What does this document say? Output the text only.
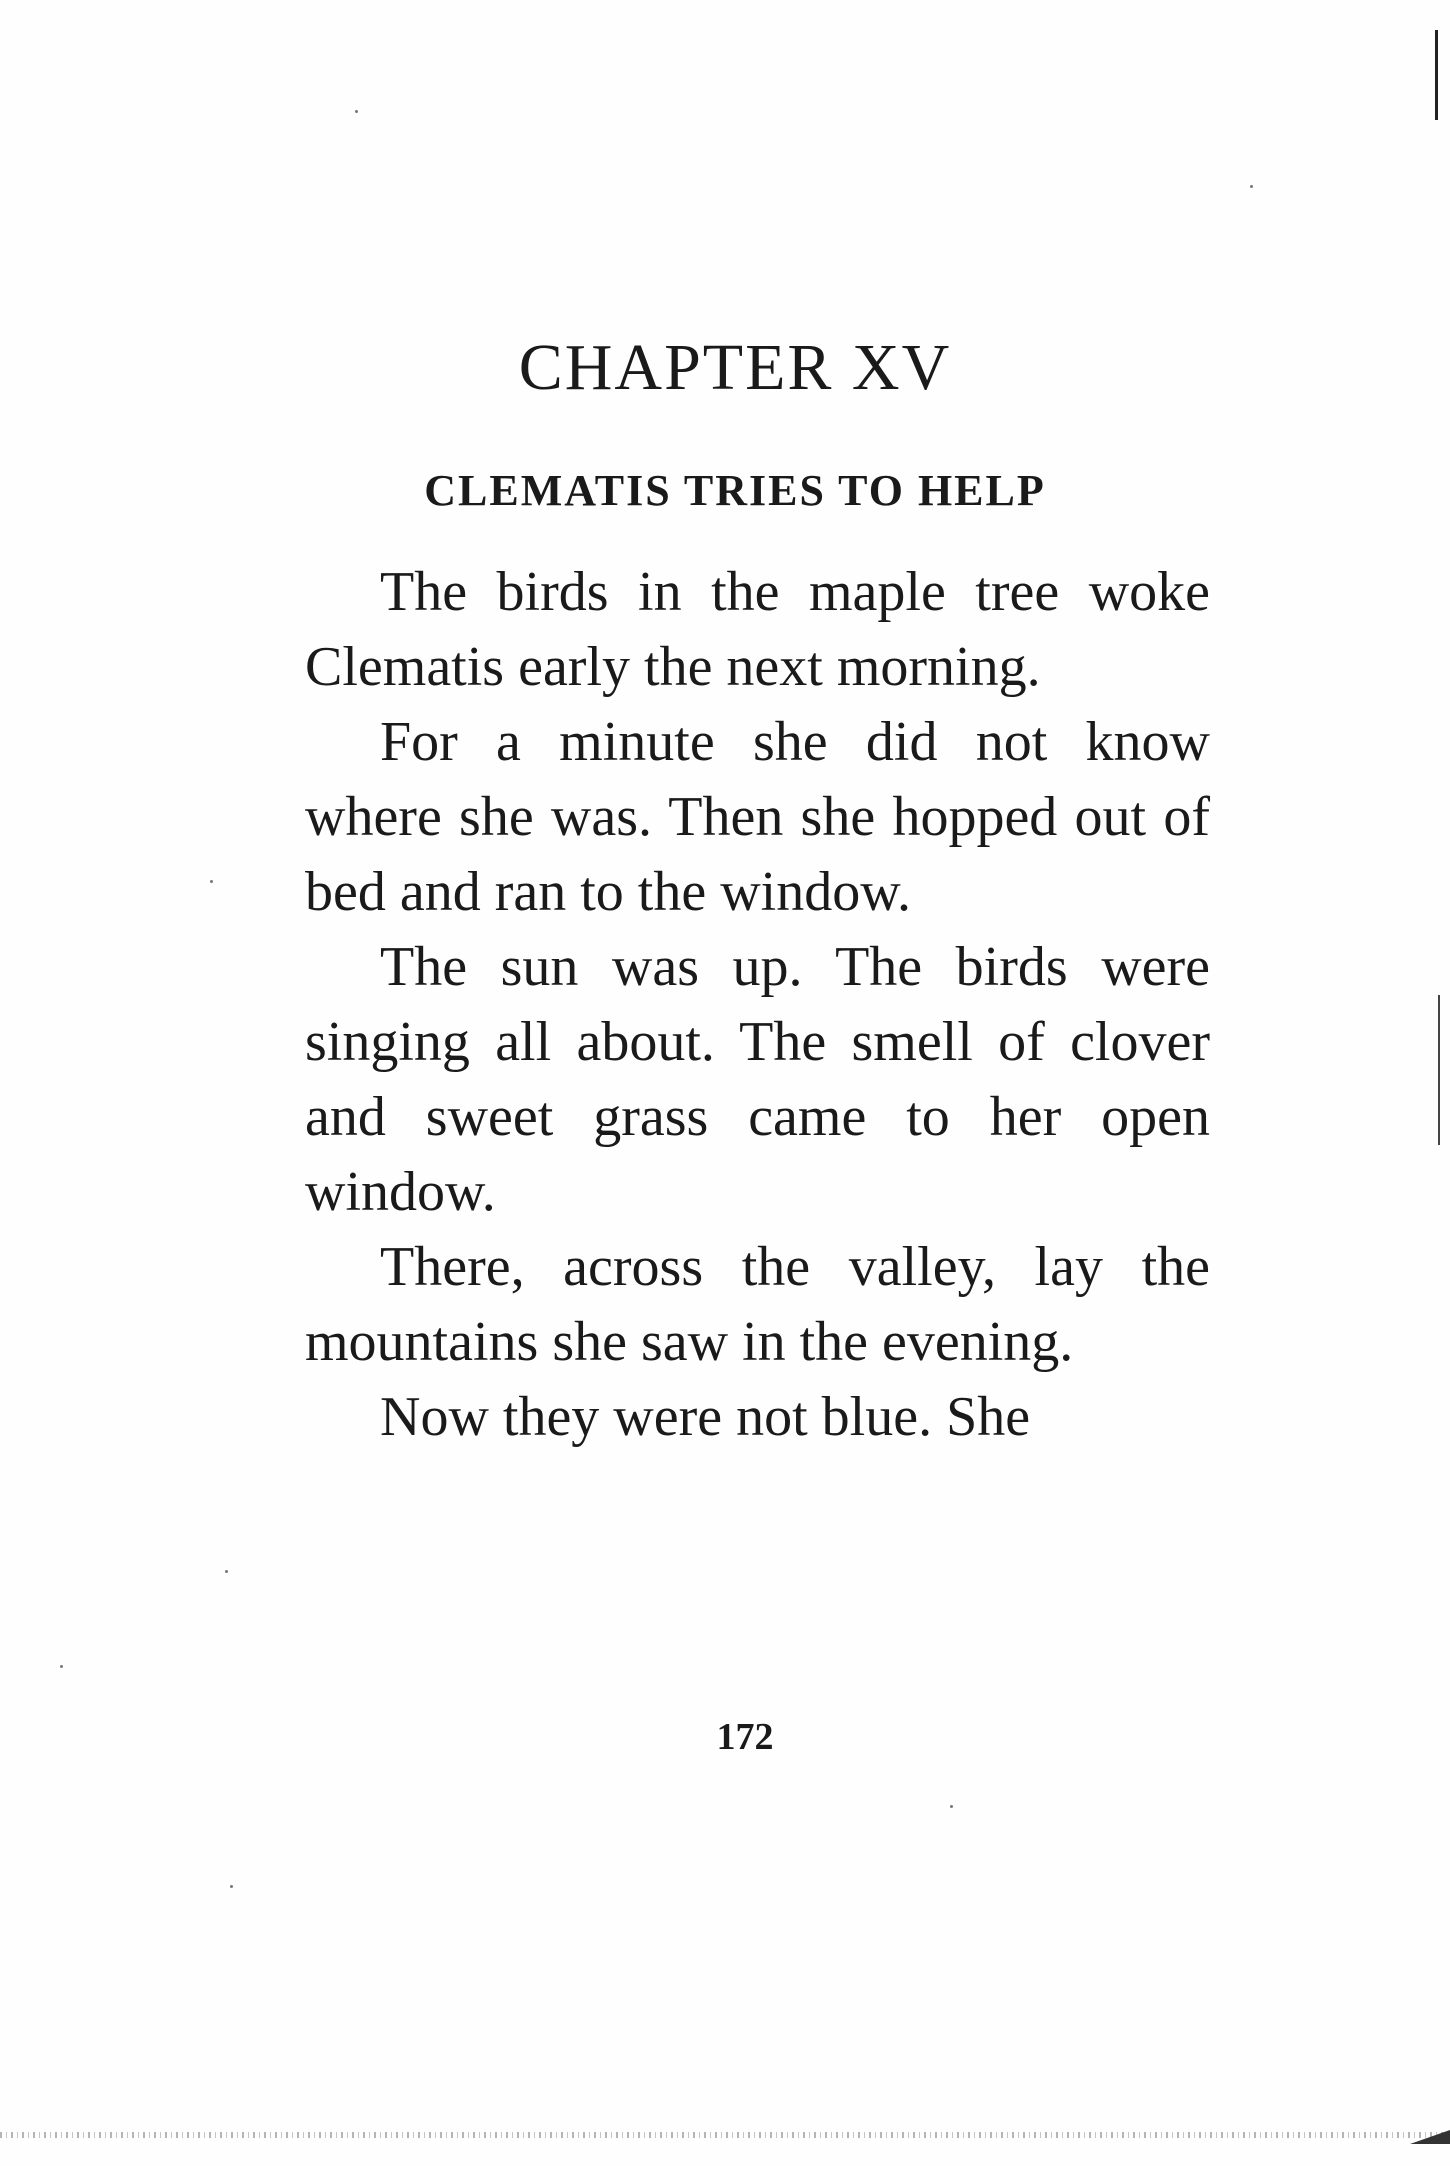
CHAPTER XV
CLEMATIS TRIES TO HELP

The birds in the maple tree woke Clematis early the next morning.

For a minute she did not know where she was. Then she hopped out of bed and ran to the window.

The sun was up. The birds were singing all about. The smell of clover and sweet grass came to her open window.

There, across the valley, lay the mountains she saw in the evening.

Now they were not blue. She

172
